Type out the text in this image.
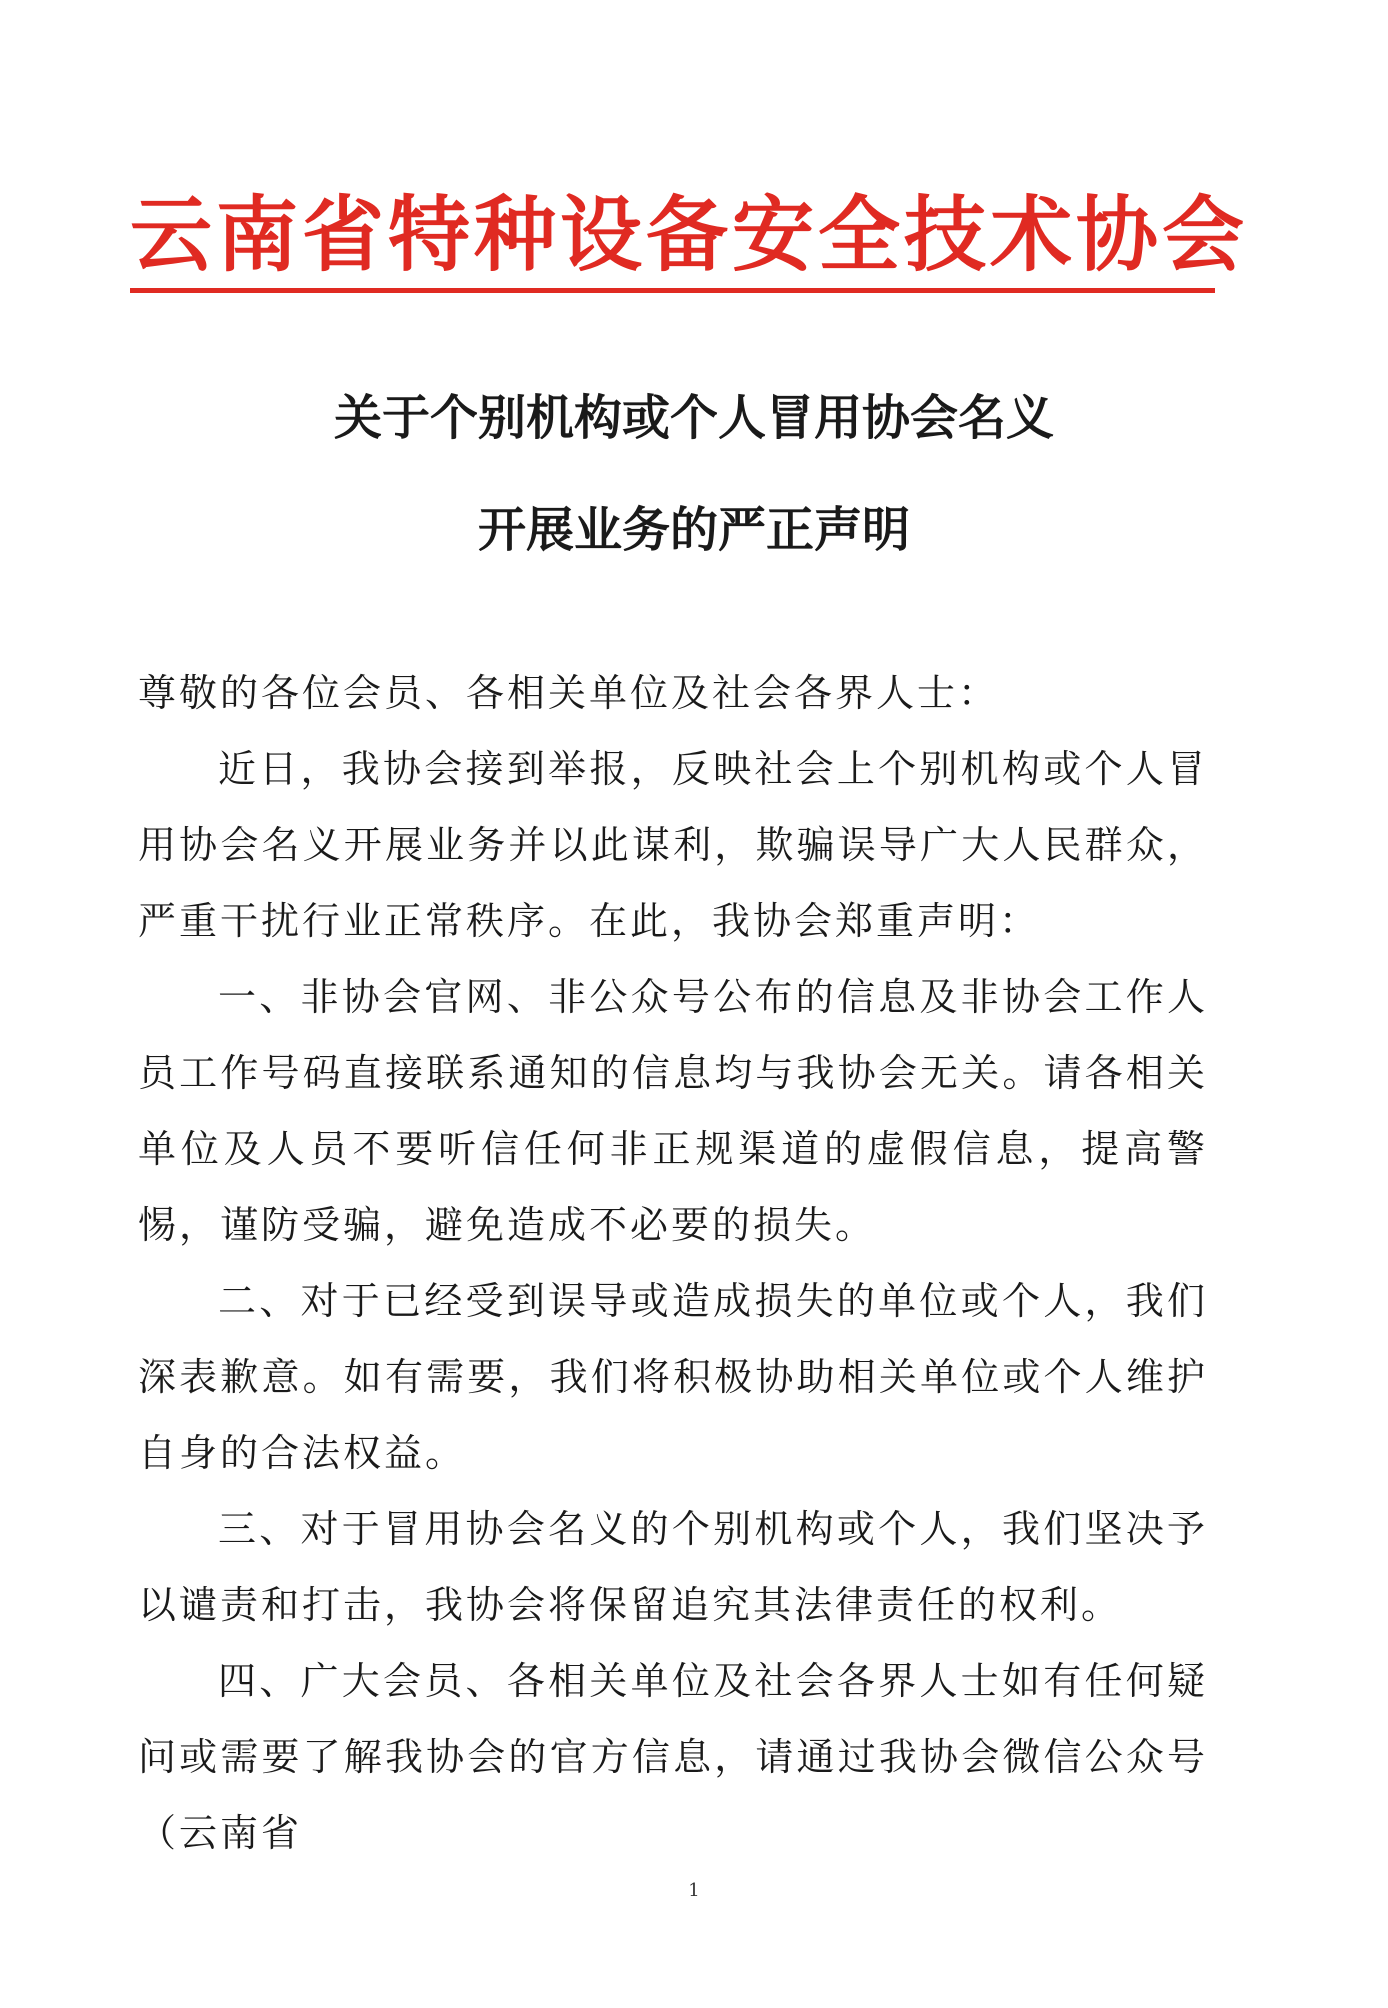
云南省特种设备安全技术协会
关于个别机构或个人冒用协会名义
开展业务的严正声明

尊敬的各位会员、各相关单位及社会各界人士：

近日，我协会接到举报，反映社会上个别机构或个人冒用协会名义开展业务并以此谋利，欺骗误导广大人民群众，严重干扰行业正常秩序。在此，我协会郑重声明：

一、非协会官网、非公众号公布的信息及非协会工作人员工作号码直接联系通知的信息均与我协会无关。请各相关单位及人员不要听信任何非正规渠道的虚假信息，提高警惕，谨防受骗，避免造成不必要的损失。

二、对于已经受到误导或造成损失的单位或个人，我们深表歉意。如有需要，我们将积极协助相关单位或个人维护自身的合法权益。

三、对于冒用协会名义的个别机构或个人，我们坚决予以谴责和打击，我协会将保留追究其法律责任的权利。

四、广大会员、各相关单位及社会各界人士如有任何疑问或需要了解我协会的官方信息，请通过我协会微信公众号（云南省

1
